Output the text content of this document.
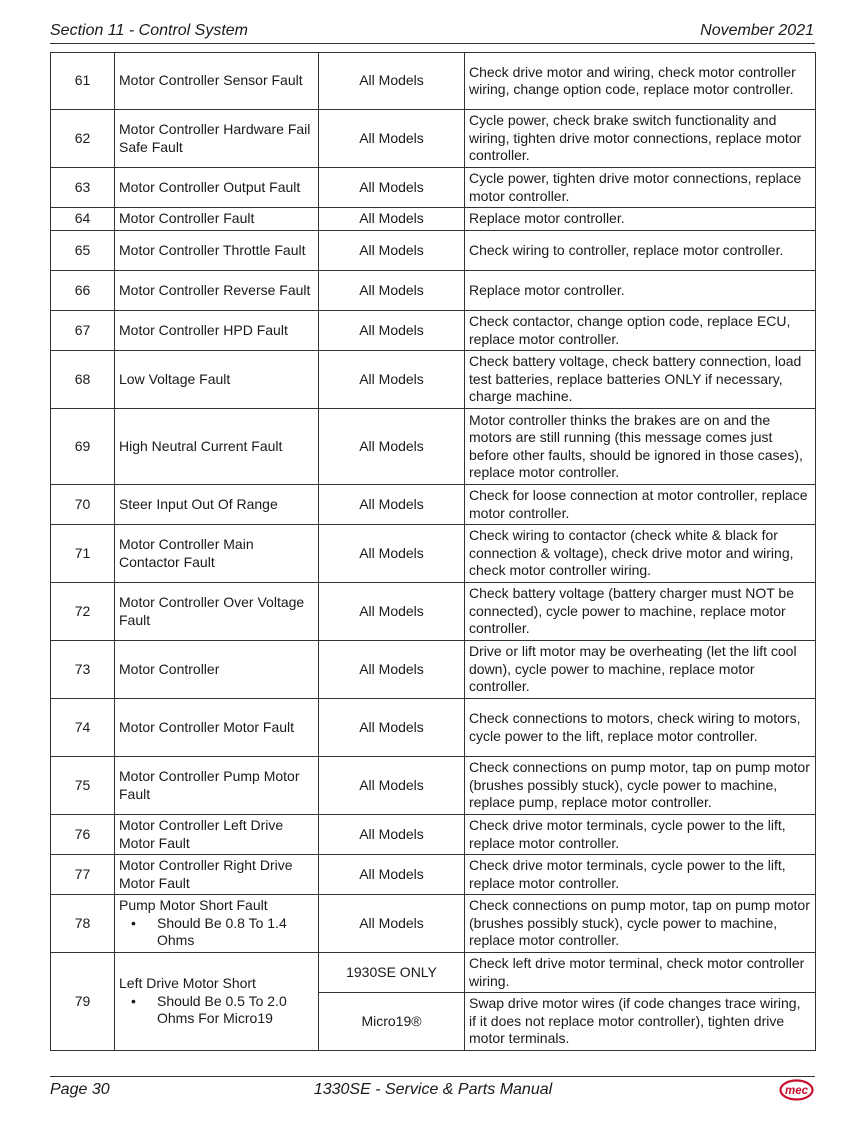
Section 11 - Control System	November 2021
61	Motor Controller Sensor Fault	All Models	Check drive motor and wiring, check motor controller wiring, change option code, replace motor controller.
62	Motor Controller Hardware Fail Safe Fault	All Models	Cycle power, check brake switch functionality and wiring, tighten drive motor connections, replace motor controller.
63	Motor Controller Output Fault	All Models	Cycle power, tighten drive motor connections, replace motor controller.
64	Motor Controller Fault	All Models	Replace motor controller.
65	Motor Controller Throttle Fault	All Models	Check wiring to controller, replace motor controller.
66	Motor Controller Reverse Fault	All Models	Replace motor controller.
67	Motor Controller HPD Fault	All Models	Check contactor, change option code, replace ECU, replace motor controller.
68	Low Voltage Fault	All Models	Check battery voltage, check battery connection, load test batteries, replace batteries ONLY if necessary, charge machine.
69	High Neutral Current Fault	All Models	Motor controller thinks the brakes are on and the motors are still running (this message comes just before other faults, should be ignored in those cases), replace motor controller.
70	Steer Input Out Of Range	All Models	Check for loose connection at motor controller, replace motor controller.
71	Motor Controller Main Contactor Fault	All Models	Check wiring to contactor (check white & black for connection & voltage), check drive motor and wiring, check motor controller wiring.
72	Motor Controller Over Voltage Fault	All Models	Check battery voltage (battery charger must NOT be connected), cycle power to machine, replace motor controller.
73	Motor Controller	All Models	Drive or lift motor may be overheating (let the lift cool down), cycle power to machine, replace motor controller.
74	Motor Controller Motor Fault	All Models	Check connections to motors, check wiring to motors, cycle power to the lift, replace motor controller.
75	Motor Controller Pump Motor Fault	All Models	Check connections on pump motor, tap on pump motor (brushes possibly stuck), cycle power to machine, replace pump, replace motor controller.
76	Motor Controller Left Drive Motor Fault	All Models	Check drive motor terminals, cycle power to the lift, replace motor controller.
77	Motor Controller Right Drive Motor Fault	All Models	Check drive motor terminals, cycle power to the lift, replace motor controller.
78	Pump Motor Short Fault
• Should Be 0.8 To 1.4
Ohms	All Models	Check connections on pump motor, tap on pump motor (brushes possibly stuck), cycle power to machine, replace motor controller.
79	Left Drive Motor Short
• Should Be 0.5 To 2.0
Ohms For Micro19	1930SE ONLY	Check left drive motor terminal, check motor controller wiring.
		Micro19®	Swap drive motor wires (if code changes trace wiring, if it does not replace motor controller), tighten drive motor terminals.
Page 30	1330SE - Service & Parts Manual	mec
